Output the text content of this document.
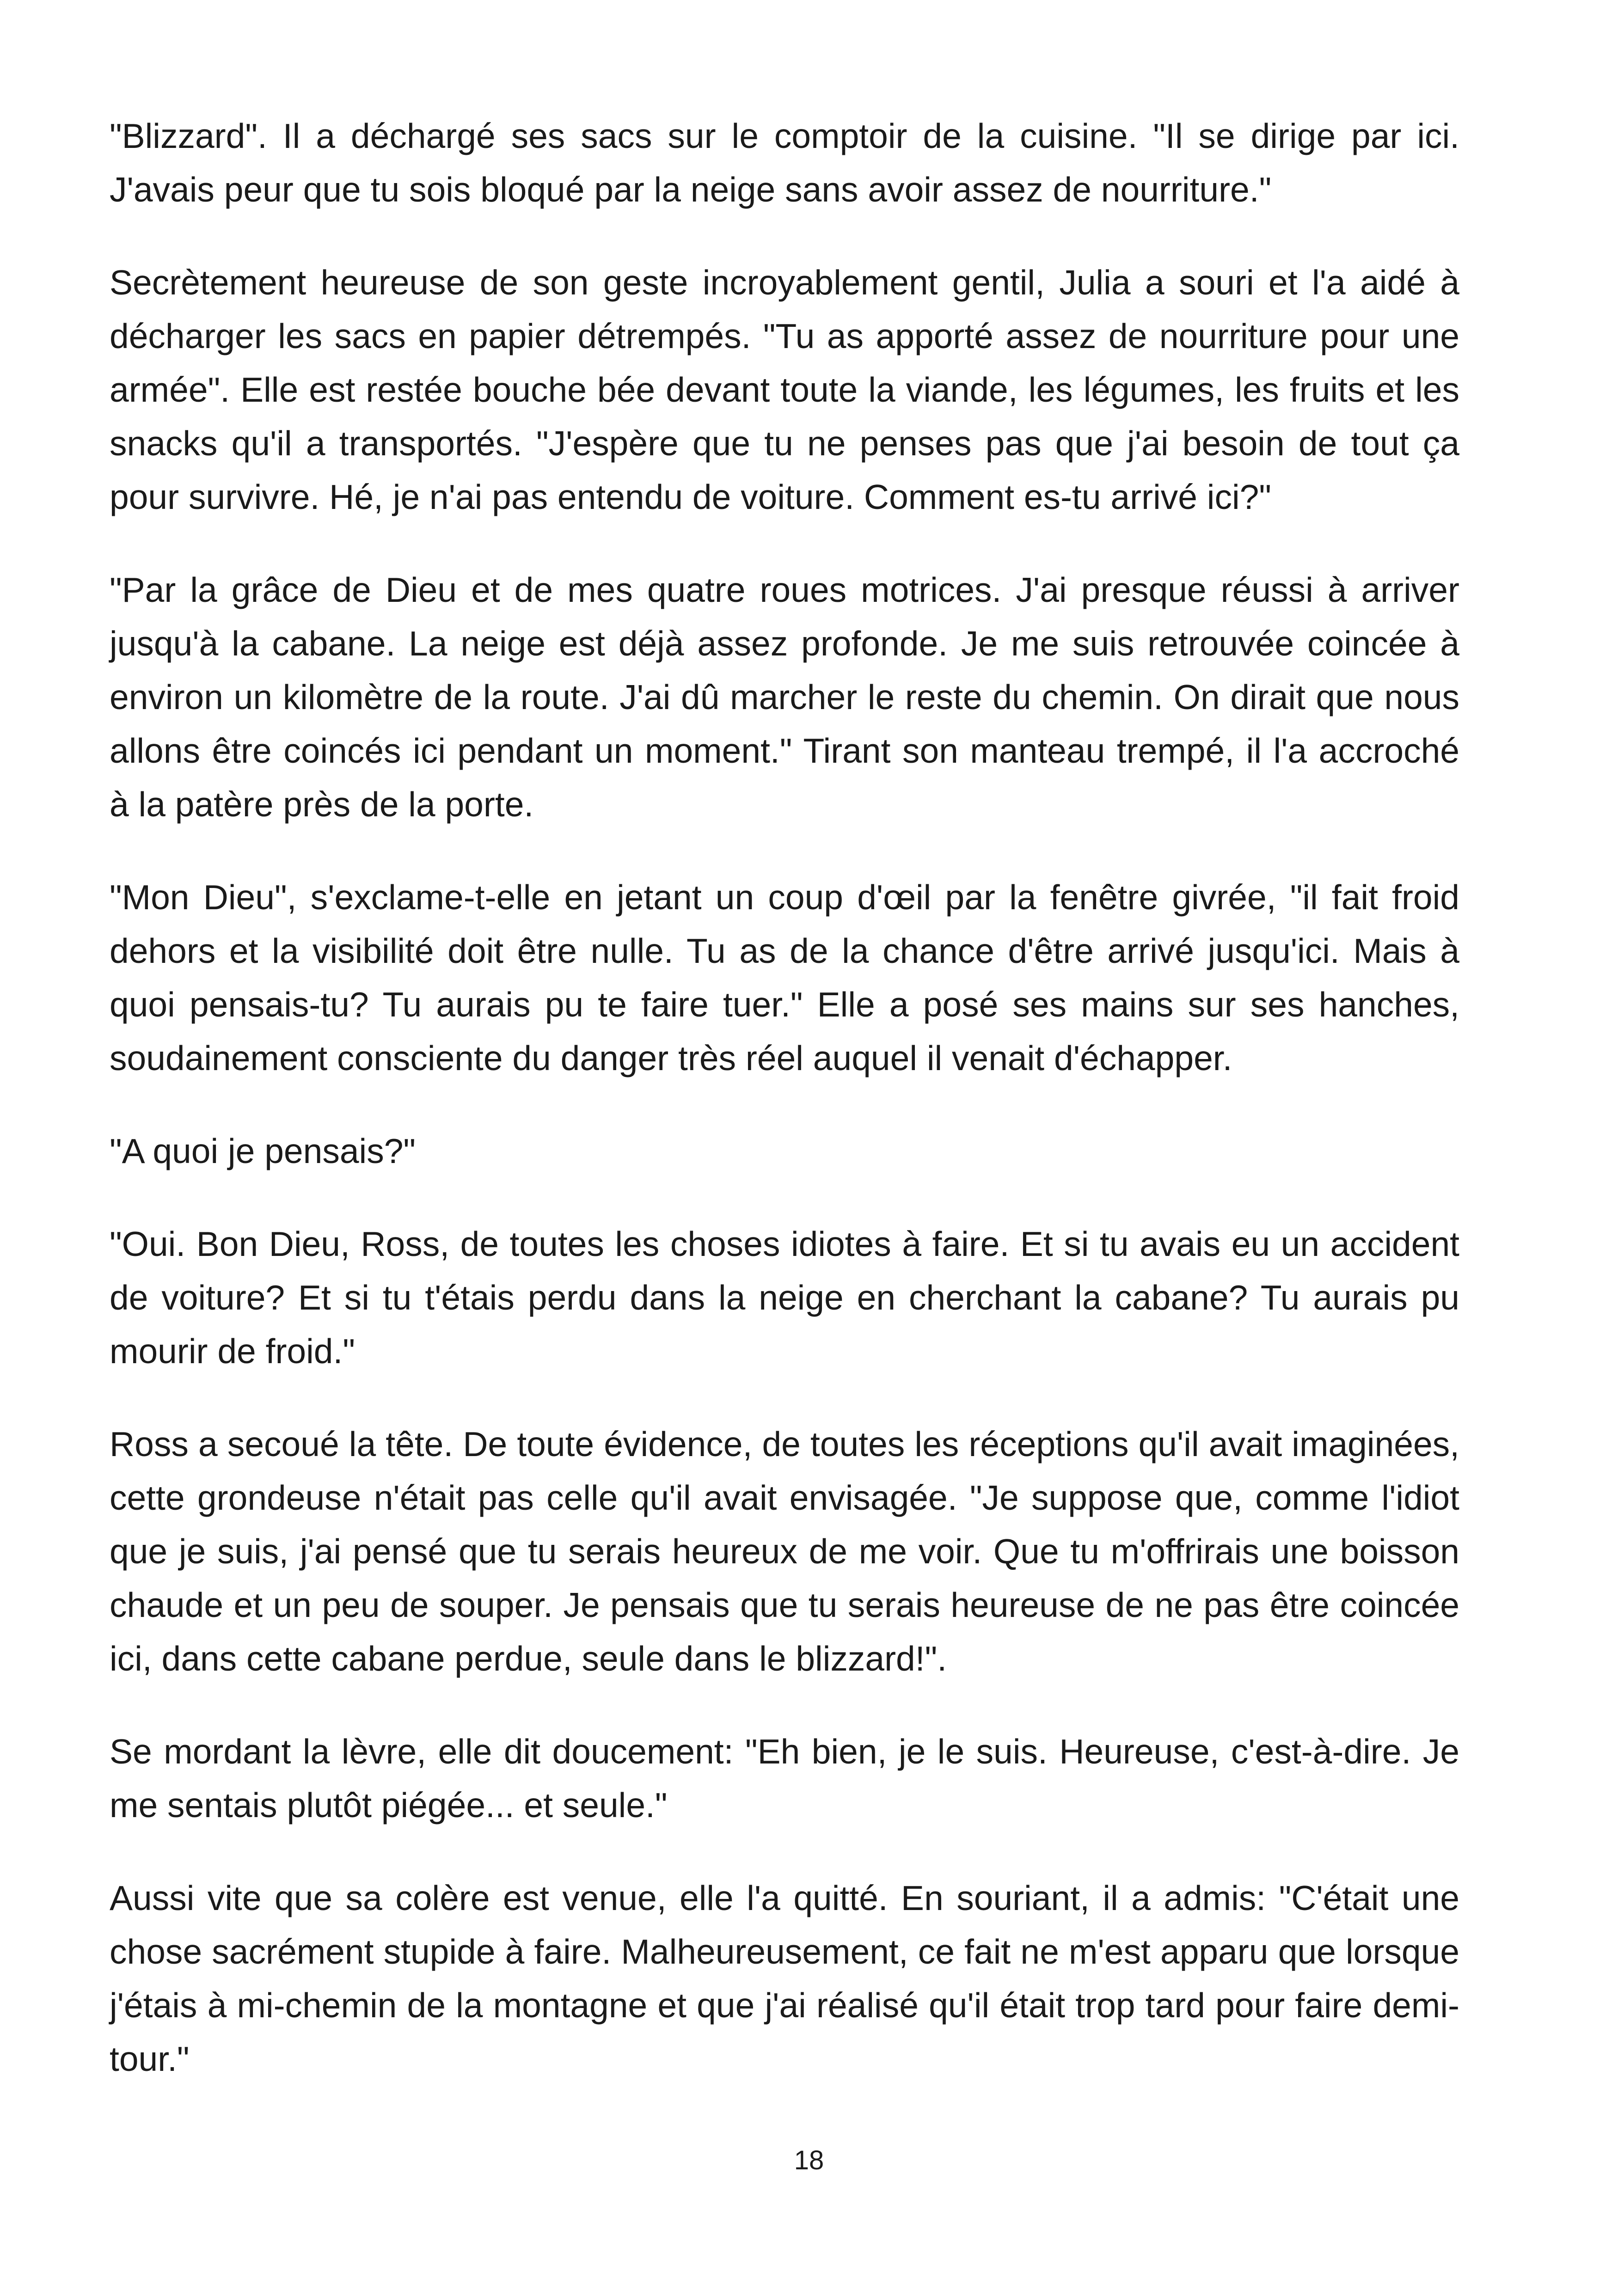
"Blizzard". Il a déchargé ses sacs sur le comptoir de la cuisine. "Il se dirige par ici. J'avais peur que tu sois bloqué par la neige sans avoir assez de nourriture."

Secrètement heureuse de son geste incroyablement gentil, Julia a souri et l'a aidé à décharger les sacs en papier détrempés. "Tu as apporté assez de nourriture pour une armée". Elle est restée bouche bée devant toute la viande, les légumes, les fruits et les snacks qu'il a transportés. "J'espère que tu ne penses pas que j'ai besoin de tout ça pour survivre. Hé, je n'ai pas entendu de voiture. Comment es-tu arrivé ici?"

"Par la grâce de Dieu et de mes quatre roues motrices. J'ai presque réussi à arriver jusqu'à la cabane. La neige est déjà assez profonde. Je me suis retrouvée coincée à environ un kilomètre de la route. J'ai dû marcher le reste du chemin. On dirait que nous allons être coincés ici pendant un moment." Tirant son manteau trempé, il l'a accroché à la patère près de la porte.

"Mon Dieu", s'exclame-t-elle en jetant un coup d'œil par la fenêtre givrée, "il fait froid dehors et la visibilité doit être nulle. Tu as de la chance d'être arrivé jusqu'ici. Mais à quoi pensais-tu? Tu aurais pu te faire tuer." Elle a posé ses mains sur ses hanches, soudainement consciente du danger très réel auquel il venait d'échapper.

"A quoi je pensais?"

"Oui. Bon Dieu, Ross, de toutes les choses idiotes à faire. Et si tu avais eu un accident de voiture? Et si tu t'étais perdu dans la neige en cherchant la cabane? Tu aurais pu mourir de froid."

Ross a secoué la tête. De toute évidence, de toutes les réceptions qu'il avait imaginées, cette grondeuse n'était pas celle qu'il avait envisagée. "Je suppose que, comme l'idiot que je suis, j'ai pensé que tu serais heureux de me voir. Que tu m'offrirais une boisson chaude et un peu de souper. Je pensais que tu serais heureuse de ne pas être coincée ici, dans cette cabane perdue, seule dans le blizzard!".

Se mordant la lèvre, elle dit doucement: "Eh bien, je le suis. Heureuse, c'est-à-dire. Je me sentais plutôt piégée... et seule."

Aussi vite que sa colère est venue, elle l'a quitté. En souriant, il a admis: "C'était une chose sacrément stupide à faire. Malheureusement, ce fait ne m'est apparu que lorsque j'étais à mi-chemin de la montagne et que j'ai réalisé qu'il était trop tard pour faire demi-tour."

18
